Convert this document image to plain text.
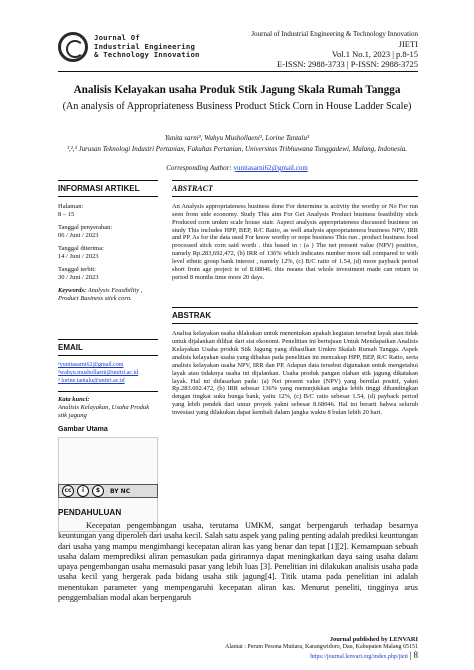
Journal Of
Industrial Engineering
& Technology Innovation
Journal of Industrial Engineering & Technology Innovation
JIETI
Vol.1 No.1, 2023 | p.8-15
E-ISSN: 2988-3733 | P-ISSN: 2988-3725
Analisis Kelayakan usaha Produk Stik Jagung Skala Rumah Tangga
(An analysis of Appropriateness Business Product Stick Corn in House Ladder Scale)
Yunita sarni¹, Wahyu Mushollaeni², Lorine Tantalu³
¹,²,³ Jurusan Teknologi Industri Pertanian, Fakultas Pertanian, Universitas Tribhuwana Tunggadewi, Malang, Indonesia.
Corresponding Author: yunitasarni62@gmail.com
INFORMASI ARTIKEL
Halaman:
8 – 15
Tanggal penyerahan:
06 / Juni / 2023
Tanggal diterima:
14 / Juni / 2023
Tanggal terbit:
30 / Juni / 2023
Keywords: Analysis Feasibility , Product Business stick corn.
EMAIL
¹yunitasarni62@gmail.com
²wahyu.mushollaeni@unitri.ac.id
³ lorine.tantalu@unitri.ac.id
Kata kunci:
Analisis Kelayakan, Usaha Produk stik jagung
Gambar Utama
ABSTRACT
An Analysis appropriateness business done For determine is activity the worthy or No For run seen from side economy. Study This aim For Get Analysis Product business feasibility stick Produced corn umkm scale house stair. Aspect analysis appropriateness discussed business on study This includes HPP, BEP, R/C Ratio, as well analysis appropriateness business NPV, IRR and PP. As for the data used For know worthy or nope business This run . product business food processed stick corn said worth . this based in : (a ) The net present value (NPV) positive, namely Rp.283,692,472, (b) IRR of 136% which indicates number more tall compared to with level ethnic group bank interest , namely 12%, (c) B/C ratio of 1.54, (d) more payback period short from age project ie of 8.68046. this means that whole investment made can return in period 8 months time more 20 days.
ABSTRAK
Analisa kelayakan usaha dilakukan untuk menentukan apakah kegiatan tersebut layak atau tidak untuk dijalankan dilihat dari sisi ekonomi. Penelitian ini bertujuan Untuk Mendapatkan Analisis Kelayakan Usaha produk Stik Jagung yang dihasilkan Umkm Skalah Rumah Tangga. Aspek analisis kelayakan usaha yang dibahas pada penelitian ini mencakup HPP, BEP, R/C Ratio, serta analisis kelayakan usaha NPV, IRR dan PP. Adapun data tersebut digunakan untuk mengetahui layak atau tidaknya usaha ini dijalankan. Usaha produk pangan olahan stik jagung dikatakan layak. Hal ini didasarkan pada: (a) Net present value (NPV) yang bernilai positif, yakni Rp.283.692.472, (b) IRR sebesar 136% yang menunjukkan angka lebih tinggi dibandingkan dengan tingkat suku bunga bank, yaitu 12%, (c) B/C ratio sebesar 1.54, (d) payback period yang lebih pendek dari umur proyek yakni sebesar 8.68046. Hal ini berarti bahwa seluruh investasi yang dilakukan dapat kembali dalam jangka waktu 8 bulan lebih 20 hari.
cc	i	$	BY NC
PENDAHULUAN
Kecepatan pengembangan usaha, terutama UMKM, sangat berpengaruh terhadap besarnya keuntungan yang diperoleh dari usaha kecil. Salah satu aspek yang paling penting adalah prediksi keuntungan dari usaha yang mampu mengimbangi kecepatan aliran kas yang benar dan tepat [1][2]. Kemampuan sebuah usaha dalam memprediksi aliran pemasukan pada girirannya dapat meningkatkan daya saing usaha dalam upaya pengembangan usaha memasuki pasar yang lebih luas [3]. Penelitian ini dilakukan analisis usaha pada usaha kecil yang bergerak pada bidang usaha stik jagung[4]. Titik utama pada penelitian ini adalah menentukan parameter yang mempengaruhi kecepatan aliran kas. Menurut peneliti, tingginya arus penggembalian modal akan berpengaruh
Journal published by LENVARI
Alamat : Perum Pesona Mutiara, Karangwidoro, Dau, Kabupaten Malang 65151
https://journal.lenvari.org/index.php/jieti | 8
